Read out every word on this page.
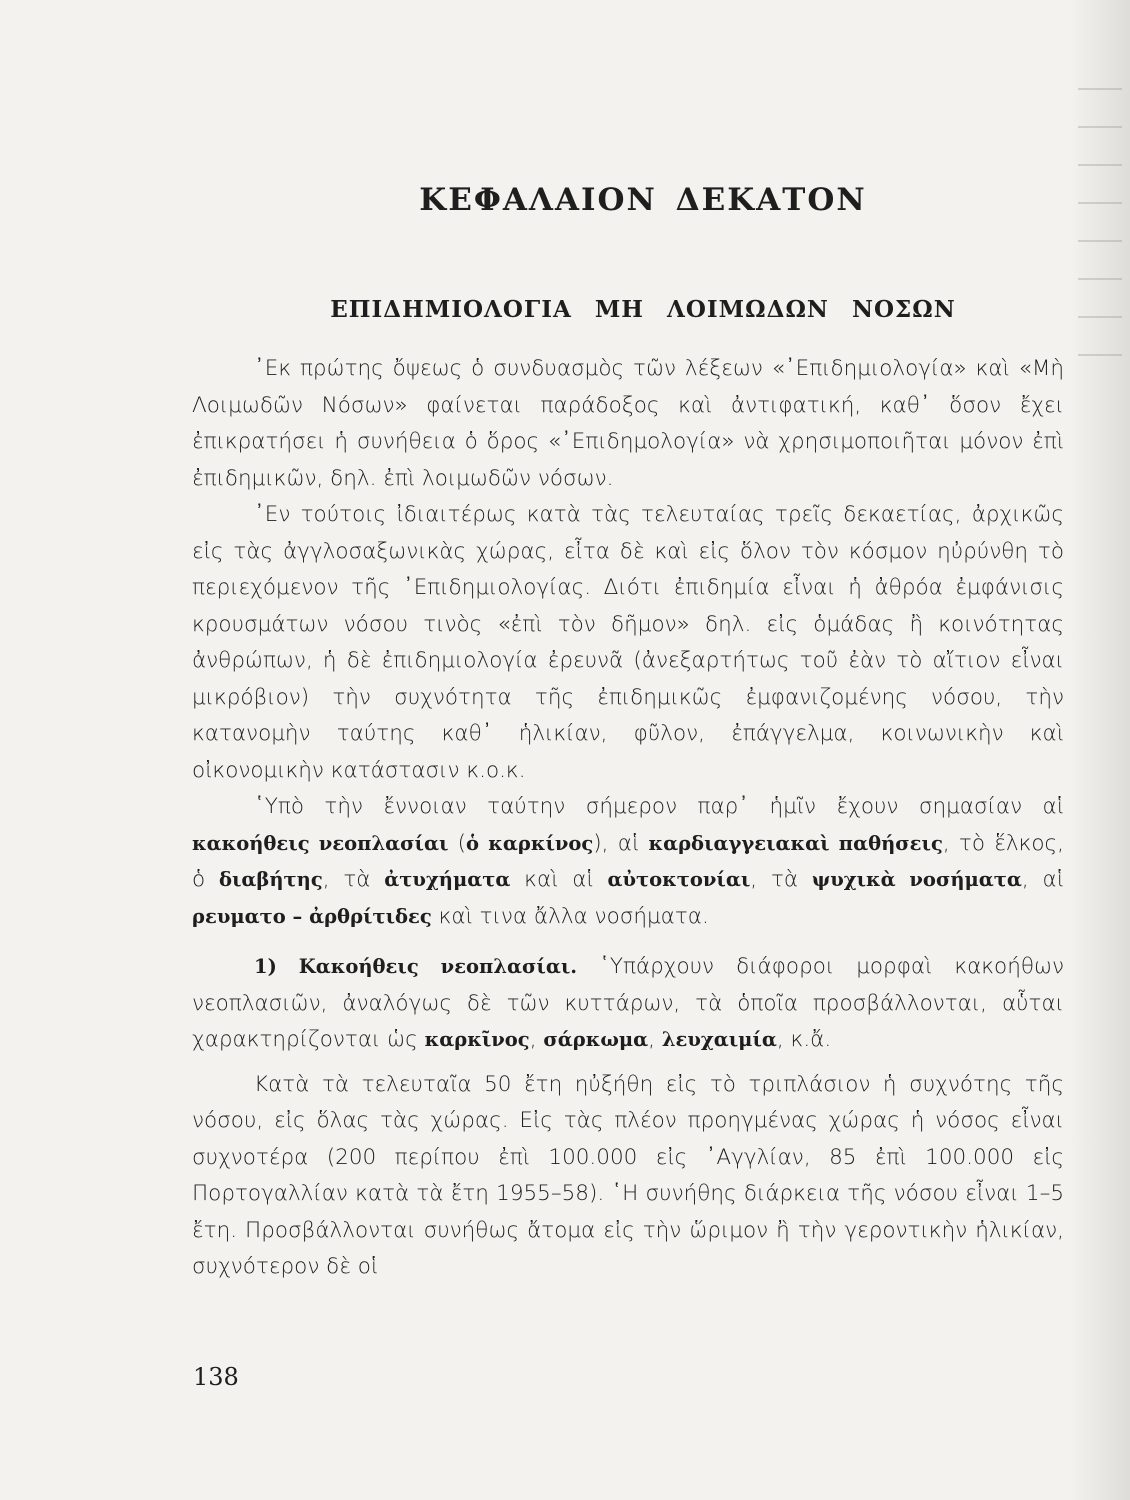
ΚΕΦΑΛΑΙΟΝ ΔΕΚΑΤΟΝ
ΕΠΙΔΗΜΙΟΛΟΓΙΑ ΜΗ ΛΟΙΜΩΔΩΝ ΝΟΣΩΝ

᾿Εκ πρώτης ὄψεως ὁ συνδυασμὸς τῶν λέξεων «᾿Επιδημιολογία» καὶ «Μὴ Λοιμωδῶν Νόσων» φαίνεται παράδοξος καὶ ἀντιφατική, καθ᾽ ὅσον ἔχει ἐπικρατήσει ἡ συνήθεια ὁ ὅρος «᾿Επιδημολογία» νὰ χρησιμοποιῆται μόνον ἐπὶ ἐπιδημικῶν, δηλ. ἐπὶ λοιμωδῶν νόσων.

᾿Εν τούτοις ἰδιαιτέρως κατὰ τὰς τελευταίας τρεῖς δεκαετίας, ἀρχικῶς εἰς τὰς ἀγγλοσαξωνικὰς χώρας, εἶτα δὲ καὶ εἰς ὅλον τὸν κόσμον ηὐρύνθη τὸ περιεχόμενον τῆς ᾿Επιδημιολογίας. Διότι ἐπιδημία εἶναι ἡ ἀθρόα ἐμφάνισις κρουσμάτων νόσου τινὸς «ἐπὶ τὸν δῆμον» δηλ. εἰς ὁμάδας ἢ κοινότητας ἀνθρώπων, ἡ δὲ ἐπιδημιολογία ἐρευνᾶ (ἀνεξαρτήτως τοῦ ἐὰν τὸ αἴτιον εἶναι μικρόβιον) τὴν συχνότητα τῆς ἐπιδημικῶς ἐμφανιζομένης νόσου, τὴν κατανομὴν ταύτης καθ᾽ ἡλικίαν, φῦλον, ἐπάγγελμα, κοινωνικὴν καὶ οἰκονομικὴν κατάστασιν κ.ο.κ.

῾Υπὸ τὴν ἔννοιαν ταύτην σήμερον παρ᾽ ἡμῖν ἔχουν σημασίαν αἱ κακοήθεις νεοπλασίαι (ὁ καρκίνος), αἱ καρδιαγγειακαὶ παθήσεις, τὸ ἕλκος, ὁ διαβήτης, τὰ ἀτυχήματα καὶ αἱ αὐτοκτονίαι, τὰ ψυχικὰ νοσήματα, αἱ ρευματο – ἀρθρίτιδες καὶ τινα ἄλλα νοσήματα.

1) Κακοήθεις νεοπλασίαι. ῾Υπάρχουν διάφοροι μορφαὶ κακοήθων νεοπλασιῶν, ἀναλόγως δὲ τῶν κυττάρων, τὰ ὁποῖα προσβάλλονται, αὗται χαρακτηρίζονται ὡς καρκῖνος, σάρκωμα, λευχαιμία, κ.ἄ.

Κατὰ τὰ τελευταῖα 50 ἔτη ηὐξήθη εἰς τὸ τριπλάσιον ἡ συχνότης τῆς νόσου, εἰς ὅλας τὰς χώρας. Εἰς τὰς πλέον προηγμένας χώρας ἡ νόσος εἶναι συχνοτέρα (200 περίπου ἐπὶ 100.000 εἰς ᾿Αγγλίαν, 85 ἐπὶ 100.000 εἰς Πορτογαλλίαν κατὰ τὰ ἔτη 1955–58). ῾Η συνήθης διάρκεια τῆς νόσου εἶναι 1–5 ἔτη. Προσβάλλονται συνήθως ἄτομα εἰς τὴν ὥριμον ἢ τὴν γεροντικὴν ἡλικίαν, συχνότερον δὲ οἱ

138
